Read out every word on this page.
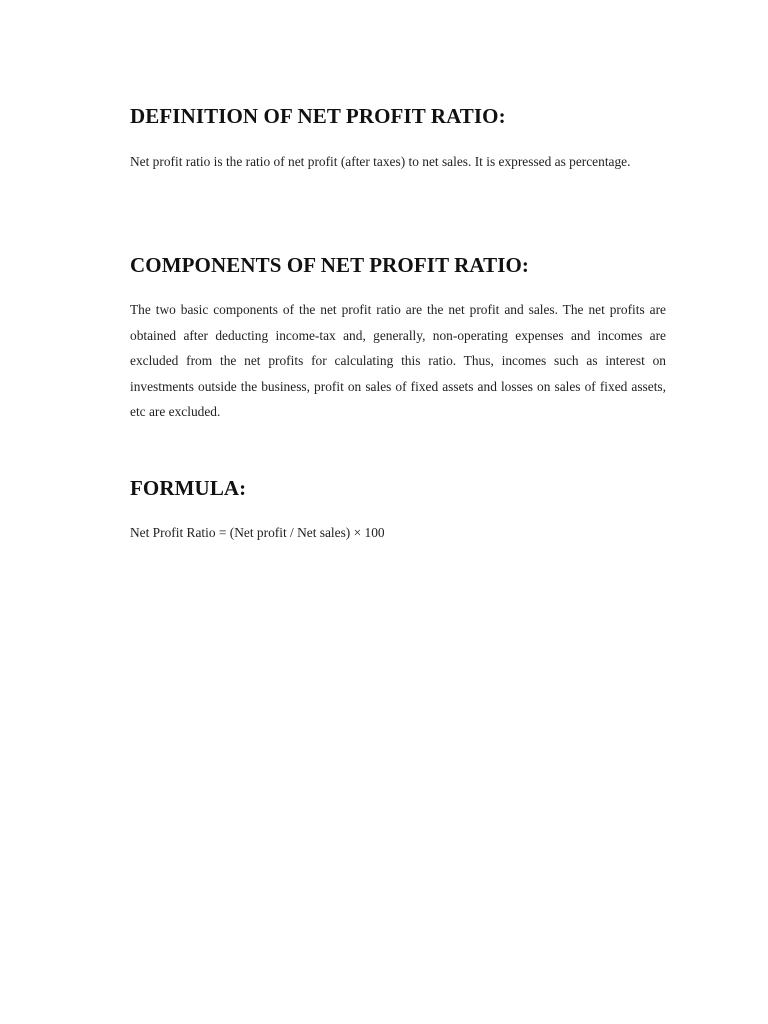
DEFINITION OF NET PROFIT RATIO:

Net profit ratio is the ratio of net profit (after taxes) to net sales. It is expressed as percentage.

COMPONENTS OF NET PROFIT RATIO:

The two basic components of the net profit ratio are the net profit and sales. The net profits are obtained after deducting income-tax and, generally, non-operating expenses and incomes are excluded from the net profits for calculating this ratio. Thus, incomes such as interest on investments outside the business, profit on sales of fixed assets and losses on sales of fixed assets, etc are excluded.

FORMULA:

Net Profit Ratio = (Net profit / Net sales) × 100
